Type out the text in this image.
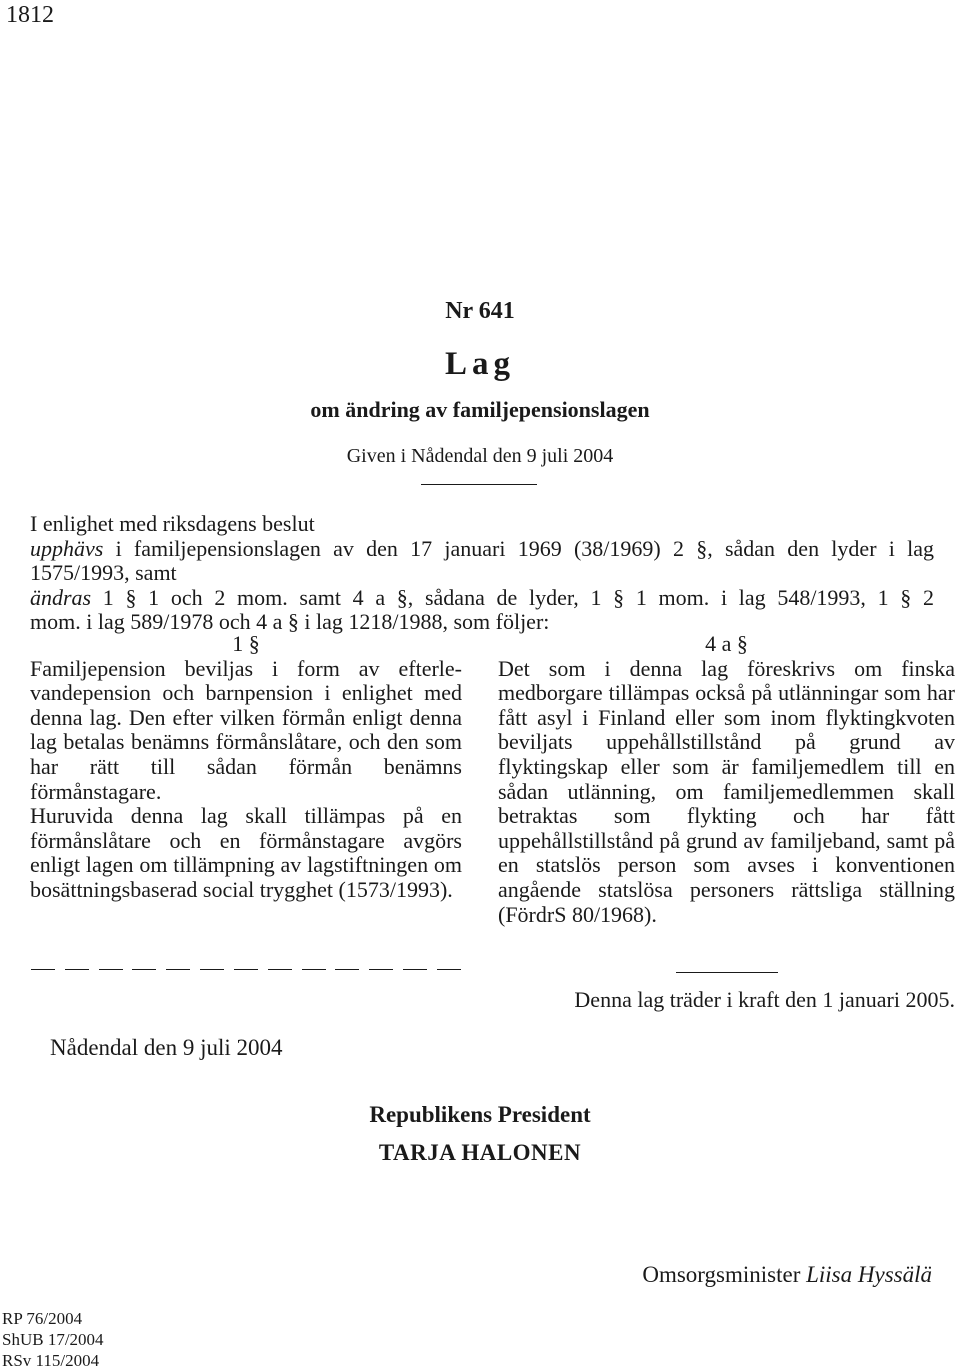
1812
Nr 641
Lag
om ändring av familjepensionslagen
Given i Nådendal den 9 juli 2004

I enlighet med riksdagens beslut

upphävs i familjepensionslagen av den 17 januari 1969 (38/1969) 2 §, sådan den lyder i lag

1575/1993, samt

ändras 1 § 1 och 2 mom. samt 4 a §, sådana de lyder, 1 § 1 mom. i lag 548/1993, 1 § 2

mom. i lag 589/1978 och 4 a § i lag 1218/1988, som följer:

1 §

Familjepension beviljas i form av efterlevandepension och barnpension i enlighet med denna lag. Den efter vilken förmån enligt denna lag betalas benämns förmånslåtare, och den som har rätt till sådan förmån benämns förmånstagare.

Huruvida denna lag skall tillämpas på en förmånslåtare och en förmånstagare avgörs enligt lagen om tillämpning av lagstiftningen om bosättningsbaserad social trygghet (1573/1993).

4 a §

Det som i denna lag föreskrivs om finska medborgare tillämpas också på utlänningar som har fått asyl i Finland eller som inom flyktingkvoten beviljats uppehållstillstånd på grund av flyktingskap eller som är familjemedlem till en sådan utlänning, om familjemedlemmen skall betraktas som flykting och har fått uppehållstillstånd på grund av familjeband, samt på en statslös person som avses i konventionen angående statslösa personers rättsliga ställning (FördrS 80/1968).

Denna lag träder i kraft den 1 januari 2005.
Nådendal den 9 juli 2004
Republikens President
TARJA HALONEN
Omsorgsminister Liisa Hyssälä
RP 76/2004
ShUB 17/2004
RSv 115/2004
